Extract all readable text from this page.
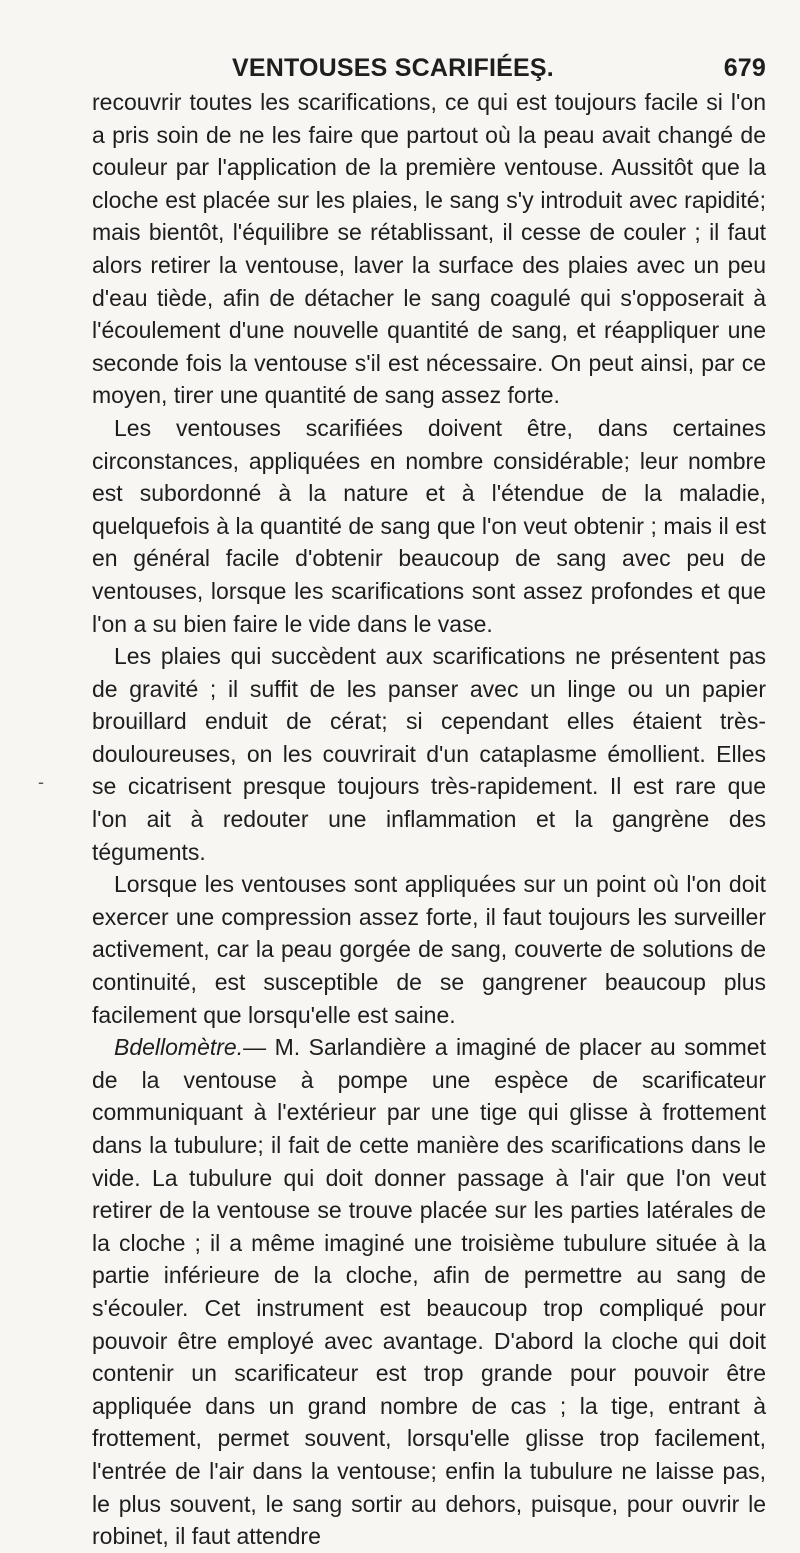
VENTOUSES SCARIFIÉEŞ.	679

recouvrir toutes les scarifications, ce qui est toujours facile si l'on a pris soin de ne les faire que partout où la peau avait changé de couleur par l'application de la première ventouse. Aussitôt que la cloche est placée sur les plaies, le sang s'y introduit avec rapidité; mais bientôt, l'équilibre se rétablissant, il cesse de couler ; il faut alors retirer la ventouse, laver la surface des plaies avec un peu d'eau tiède, afin de détacher le sang coagulé qui s'opposerait à l'écoulement d'une nouvelle quantité de sang, et réappliquer une seconde fois la ventouse s'il est nécessaire. On peut ainsi, par ce moyen, tirer une quantité de sang assez forte.

Les ventouses scarifiées doivent être, dans certaines circonstances, appliquées en nombre considérable; leur nombre est subordonné à la nature et à l'étendue de la maladie, quelquefois à la quantité de sang que l'on veut obtenir ; mais il est en général facile d'obtenir beaucoup de sang avec peu de ventouses, lorsque les scarifications sont assez profondes et que l'on a su bien faire le vide dans le vase.

Les plaies qui succèdent aux scarifications ne présentent pas de gravité ; il suffit de les panser avec un linge ou un papier brouillard enduit de cérat; si cependant elles étaient très-douloureuses, on les couvrirait d'un cataplasme émollient. Elles se cicatrisent presque toujours très-rapidement. Il est rare que l'on ait à redouter une inflammation et la gangrène des téguments.

Lorsque les ventouses sont appliquées sur un point où l'on doit exercer une compression assez forte, il faut toujours les surveiller activement, car la peau gorgée de sang, couverte de solutions de continuité, est susceptible de se gangrener beaucoup plus facilement que lorsqu'elle est saine.

Bdellomètre.— M. Sarlandière a imaginé de placer au sommet de la ventouse à pompe une espèce de scarificateur communiquant à l'extérieur par une tige qui glisse à frottement dans la tubulure; il fait de cette manière des scarifications dans le vide. La tubulure qui doit donner passage à l'air que l'on veut retirer de la ventouse se trouve placée sur les parties latérales de la cloche ; il a même imaginé une troisième tubulure située à la partie inférieure de la cloche, afin de permettre au sang de s'écouler. Cet instrument est beaucoup trop compliqué pour pouvoir être employé avec avantage. D'abord la cloche qui doit contenir un scarificateur est trop grande pour pouvoir être appliquée dans un grand nombre de cas ; la tige, entrant à frottement, permet souvent, lorsqu'elle glisse trop facilement, l'entrée de l'air dans la ventouse; enfin la tubulure ne laisse pas, le plus souvent, le sang sortir au dehors, puisque, pour ouvrir le robinet, il faut attendre

-
